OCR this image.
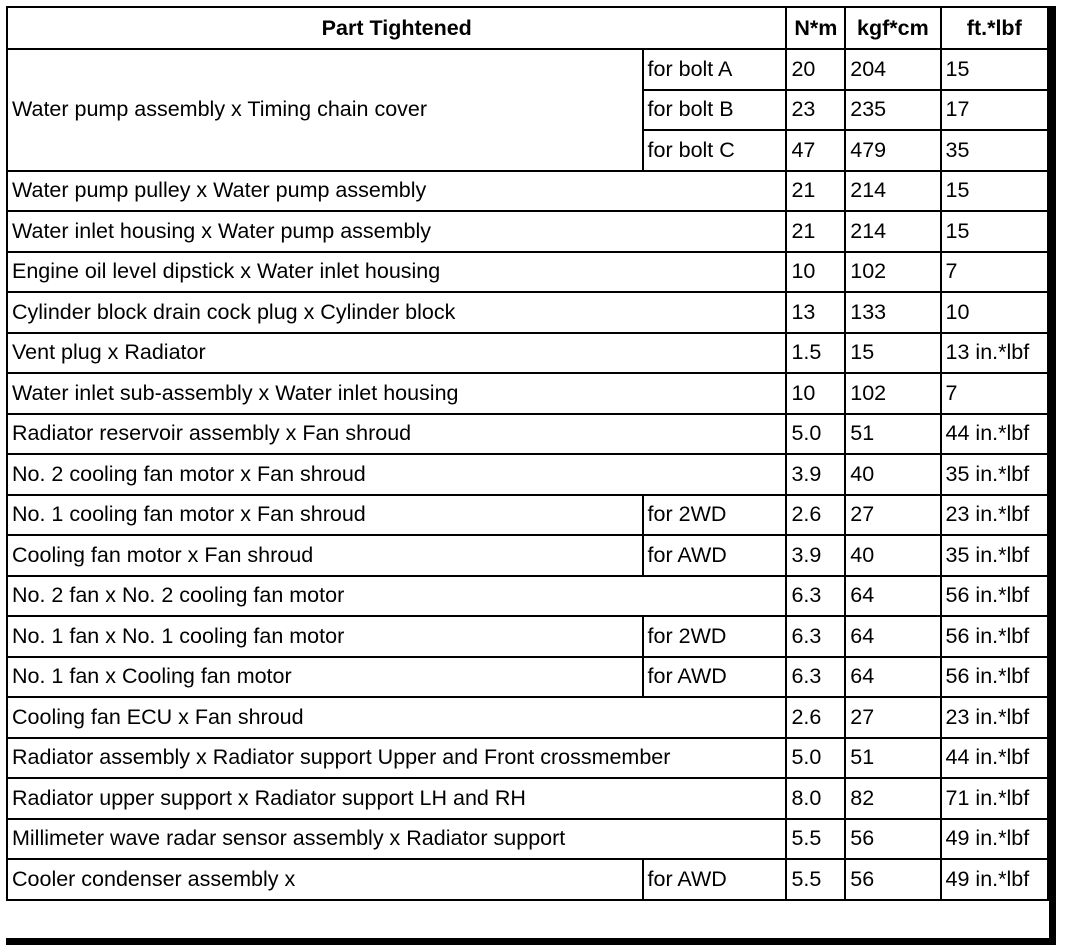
Part Tightened		N*m	kgf*cm	ft.*lbf
Water pump assembly x Timing chain cover	for bolt A	20	204	15
	for bolt B	23	235	17
	for bolt C	47	479	35
Water pump pulley x Water pump assembly		21	214	15
Water inlet housing x Water pump assembly		21	214	15
Engine oil level dipstick x Water inlet housing		10	102	7
Cylinder block drain cock plug x Cylinder block		13	133	10
Vent plug x Radiator		1.5	15	13 in.*lbf
Water inlet sub-assembly x Water inlet housing		10	102	7
Radiator reservoir assembly x Fan shroud		5.0	51	44 in.*lbf
No. 2 cooling fan motor x Fan shroud		3.9	40	35 in.*lbf
No. 1 cooling fan motor x Fan shroud	for 2WD	2.6	27	23 in.*lbf
Cooling fan motor x Fan shroud	for AWD	3.9	40	35 in.*lbf
No. 2 fan x No. 2 cooling fan motor		6.3	64	56 in.*lbf
No. 1 fan x No. 1 cooling fan motor	for 2WD	6.3	64	56 in.*lbf
No. 1 fan x Cooling fan motor	for AWD	6.3	64	56 in.*lbf
Cooling fan ECU x Fan shroud		2.6	27	23 in.*lbf
Radiator assembly x Radiator support Upper and Front crossmember		5.0	51	44 in.*lbf
Radiator upper support x Radiator support LH and RH		8.0	82	71 in.*lbf
Millimeter wave radar sensor assembly x Radiator support		5.5	56	49 in.*lbf
Cooler condenser assembly x	for AWD	5.5	56	49 in.*lbf
